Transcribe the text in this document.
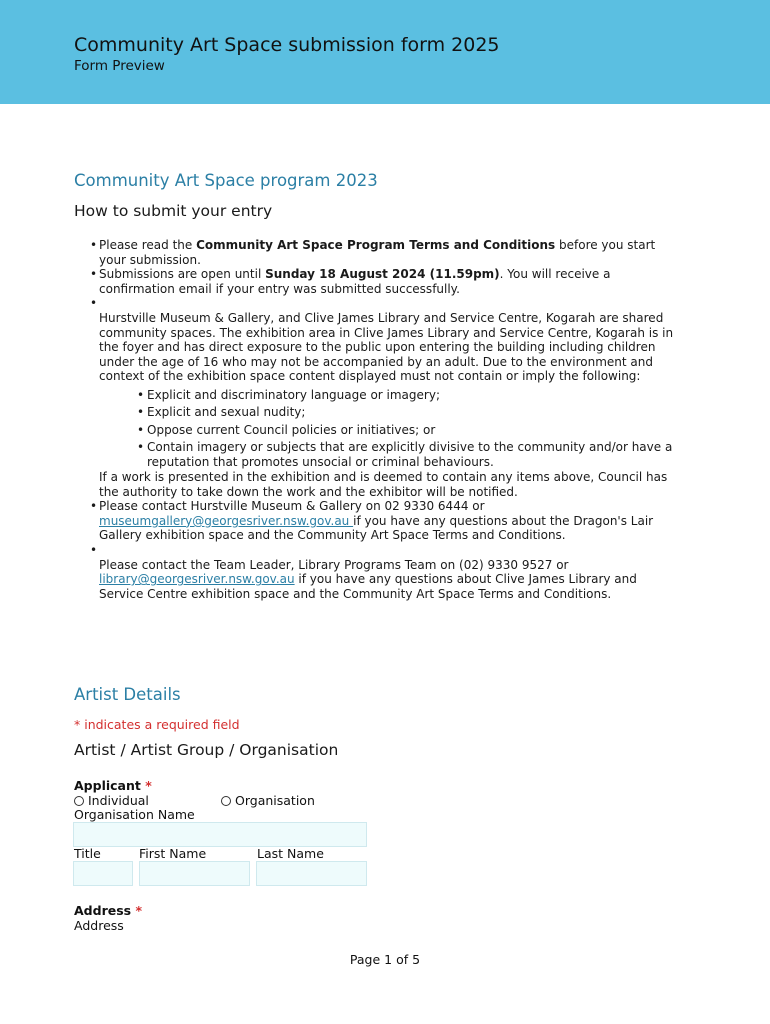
Community Art Space submission form 2025
Form Preview
Community Art Space program 2023
How to submit your entry
• Please read the Community Art Space Program Terms and Conditions before you start your submission.
• Submissions are open until Sunday 18 August 2024 (11.59pm). You will receive a confirmation email if your entry was submitted successfully.
• Hurstville Museum & Gallery, and Clive James Library and Service Centre, Kogarah are shared community spaces. The exhibition area in Clive James Library and Service Centre, Kogarah is in the foyer and has direct exposure to the public upon entering the building including children under the age of 16 who may not be accompanied by an adult. Due to the environment and context of the exhibition space content displayed must not contain or imply the following:
• Explicit and discriminatory language or imagery;
• Explicit and sexual nudity;
• Oppose current Council policies or initiatives; or
• Contain imagery or subjects that are explicitly divisive to the community and/or have a reputation that promotes unsocial or criminal behaviours.
If a work is presented in the exhibition and is deemed to contain any items above, Council has the authority to take down the work and the exhibitor will be notified.
• Please contact Hurstville Museum & Gallery on 02 9330 6444 or
museumgallery@georgesriver.nsw.gov.au if you have any questions about the Dragon's Lair Gallery exhibition space and the Community Art Space Terms and Conditions.
• Please contact the Team Leader, Library Programs Team on (02) 9330 9527 or
library@georgesriver.nsw.gov.au if you have any questions about Clive James Library and Service Centre exhibition space and the Community Art Space Terms and Conditions.
Artist Details
* indicates a required field
Artist / Artist Group / Organisation
Applicant *
Individual	Organisation
Organisation Name
Title	First Name	Last Name
Address *
Address
Page 1 of 5
